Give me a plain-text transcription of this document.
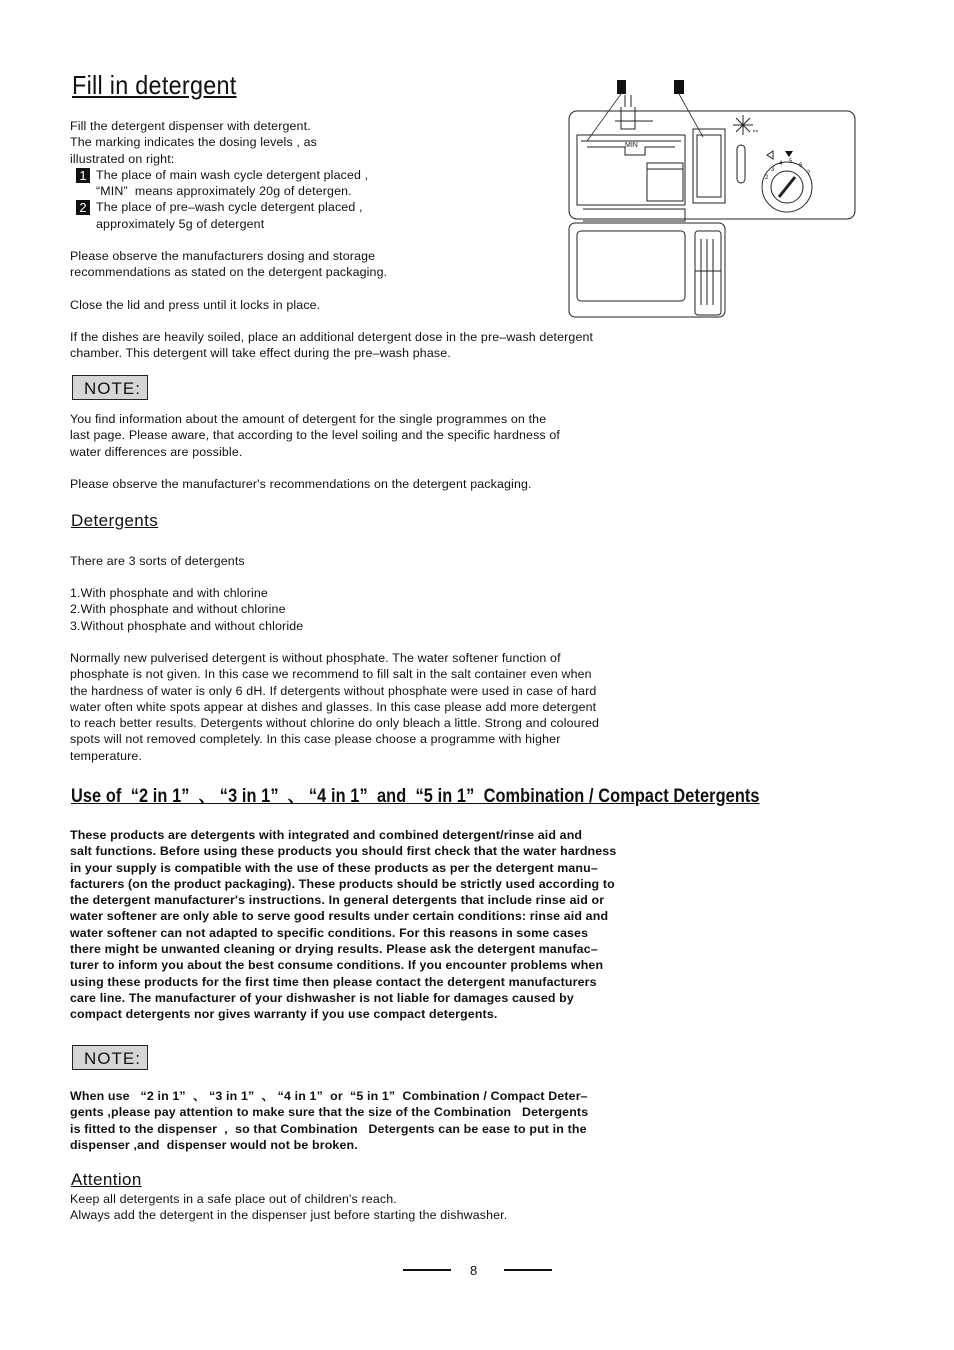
Fill in detergent
Fill the detergent dispenser with detergent.
The marking indicates the dosing levels , as
illustrated on right:
1 The place of main wash cycle detergent placed ,
“MIN”  means approximately 20g of detergen.
2 The place of pre–wash cycle detergent placed ,
approximately 5g of detergent
Please observe the manufacturers dosing and storage
recommendations as stated on the detergent packaging.
Close the lid and press until it locks in place.
If the dishes are heavily soiled, place an additional detergent dose in the pre–wash detergent
chamber. This detergent will take effect during the pre–wash phase.
2
3
4 5
6
7
MIN
NOTE:
You find information about the amount of detergent for the single programmes on the
last page. Please aware, that according to the level soiling and the specific hardness of
water differences are possible.
Please observe the manufacturer's recommendations on the detergent packaging.
Detergents
There are 3 sorts of detergents
1.With phosphate and with chlorine
2.With phosphate and without chlorine
3.Without phosphate and without chloride
Normally new pulverised detergent is without phosphate. The water softener function of
phosphate is not given. In this case we recommend to fill salt in the salt container even when
the hardness of water is only 6 dH. If detergents without phosphate were used in case of hard
water often white spots appear at dishes and glasses. In this case please add more detergent
to reach better results. Detergents without chlorine do only bleach a little. Strong and coloured
spots will not removed completely. In this case please choose a programme with higher
temperature.
Use of  “2 in 1”  、 “3 in 1”  、 “4 in 1”  and  “5 in 1”  Combination / Compact Detergents
These products are detergents with integrated and combined detergent/rinse aid and
salt functions. Before using these products you should first check that the water hardness
in your supply is compatible with the use of these products as per the detergent manu–
facturers (on the product packaging). These products should be strictly used according to
the detergent manufacturer's instructions. In general detergents that include rinse aid or
water softener are only able to serve good results under certain conditions: rinse aid and
water softener can not adapted to specific conditions. For this reasons in some cases
there might be unwanted cleaning or drying results. Please ask the detergent manufac–
turer to inform you about the best consume conditions. If you encounter problems when
using these products for the first time then please contact the detergent manufacturers
care line. The manufacturer of your dishwasher is not liable for damages caused by
compact detergents nor gives warranty if you use compact detergents.
NOTE:
When use   “2 in 1”  、 “3 in 1”  、 “4 in 1”  or  “5 in 1”  Combination / Compact Deter–
gents ,please pay attention to make sure that the size of the Combination   Detergents
is fitted to the dispenser  ,  so that Combination   Detergents can be ease to put in the
dispenser ,and  dispenser would not be broken.
Attention
Keep all detergents in a safe place out of children's reach.
Always add the detergent in the dispenser just before starting the dishwasher.
8
